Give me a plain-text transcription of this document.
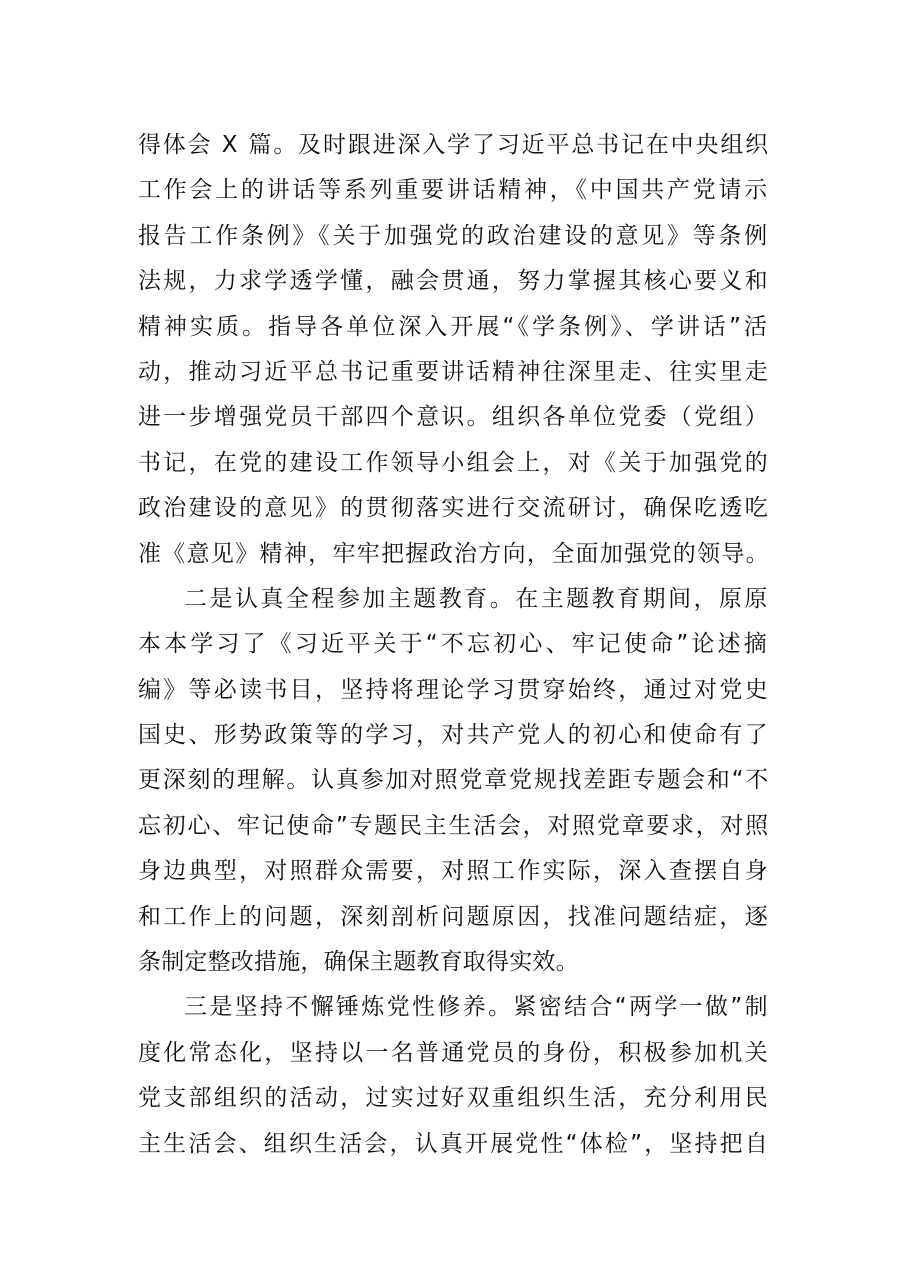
得体会 X 篇。及时跟进深入学了习近平总书记在中央组织
工作会上的讲话等系列重要讲话精神，《中国共产党请示
报告工作条例》《关于加强党的政治建设的意见》等条例
法规，力求学透学懂，融会贯通，努力掌握其核心要义和
精神实质。指导各单位深入开展“《学条例》、学讲话”活
动，推动习近平总书记重要讲话精神往深里走、往实里走
进一步增强党员干部四个意识。组织各单位党委（党组）
书记，在党的建设工作领导小组会上，对《关于加强党的
政治建设的意见》的贯彻落实进行交流研讨，确保吃透吃
准《意见》精神，牢牢把握政治方向，全面加强党的领导。
二是认真全程参加主题教育。在主题教育期间，原原
本本学习了《习近平关于“不忘初心、牢记使命”论述摘
编》等必读书目，坚持将理论学习贯穿始终，通过对党史
国史、形势政策等的学习，对共产党人的初心和使命有了
更深刻的理解。认真参加对照党章党规找差距专题会和“不
忘初心、牢记使命”专题民主生活会，对照党章要求，对照
身边典型，对照群众需要，对照工作实际，深入查摆自身
和工作上的问题，深刻剖析问题原因，找准问题结症，逐
条制定整改措施，确保主题教育取得实效。
三是坚持不懈锤炼党性修养。紧密结合“两学一做”制
度化常态化，坚持以一名普通党员的身份，积极参加机关
党支部组织的活动，过实过好双重组织生活，充分利用民
主生活会、组织生活会，认真开展党性“体检”，坚持把自
